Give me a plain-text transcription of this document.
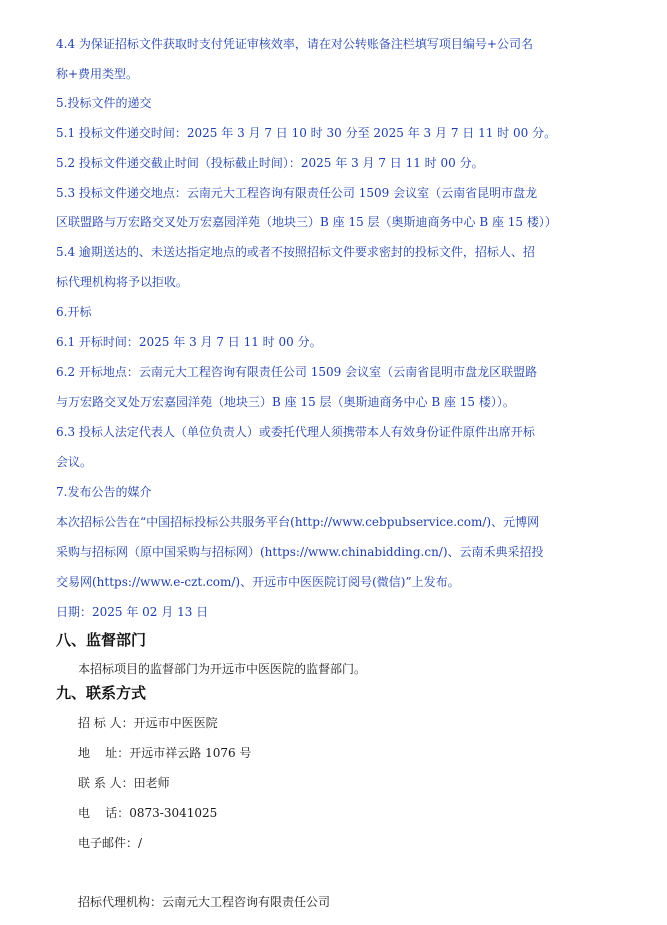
4.4 为保证招标文件获取时支付凭证审核效率，请在对公转账备注栏填写项目编号+公司名
称+费用类型。
5.投标文件的递交
5.1 投标文件递交时间：2025 年 3 月 7 日 10 时 30 分至 2025 年 3 月 7 日 11 时 00 分。
5.2 投标文件递交截止时间（投标截止时间）：2025 年 3 月 7 日 11 时 00 分。
5.3 投标文件递交地点：云南元大工程咨询有限责任公司 1509 会议室（云南省昆明市盘龙
区联盟路与万宏路交叉处万宏嘉园洋苑（地块三）B 座 15 层（奥斯迪商务中心 B 座 15 楼））
5.4 逾期送达的、未送达指定地点的或者不按照招标文件要求密封的投标文件，招标人、招
标代理机构将予以拒收。
6.开标
6.1 开标时间：2025 年 3 月 7 日 11 时 00 分。
6.2 开标地点：云南元大工程咨询有限责任公司 1509 会议室（云南省昆明市盘龙区联盟路
与万宏路交叉处万宏嘉园洋苑（地块三）B 座 15 层（奥斯迪商务中心 B 座 15 楼））。
6.3 投标人法定代表人（单位负责人）或委托代理人须携带本人有效身份证件原件出席开标
会议。
7.发布公告的媒介
本次招标公告在“中国招标投标公共服务平台(http://www.cebpubservice.com/)、元博网
采购与招标网（原中国采购与招标网）(https://www.chinabidding.cn/)、云南禾典采招投
交易网(https://www.e-czt.com/)、开远市中医医院订阅号(微信)”上发布。
日期：2025 年 02 月 13 日
八、监督部门
本招标项目的监督部门为开远市中医医院的监督部门。
九、联系方式
招 标 人：开远市中医医院
地    址：开远市祥云路 1076 号
联 系 人：田老师
电    话：0873-3041025
电子邮件：/
招标代理机构：云南元大工程咨询有限责任公司
